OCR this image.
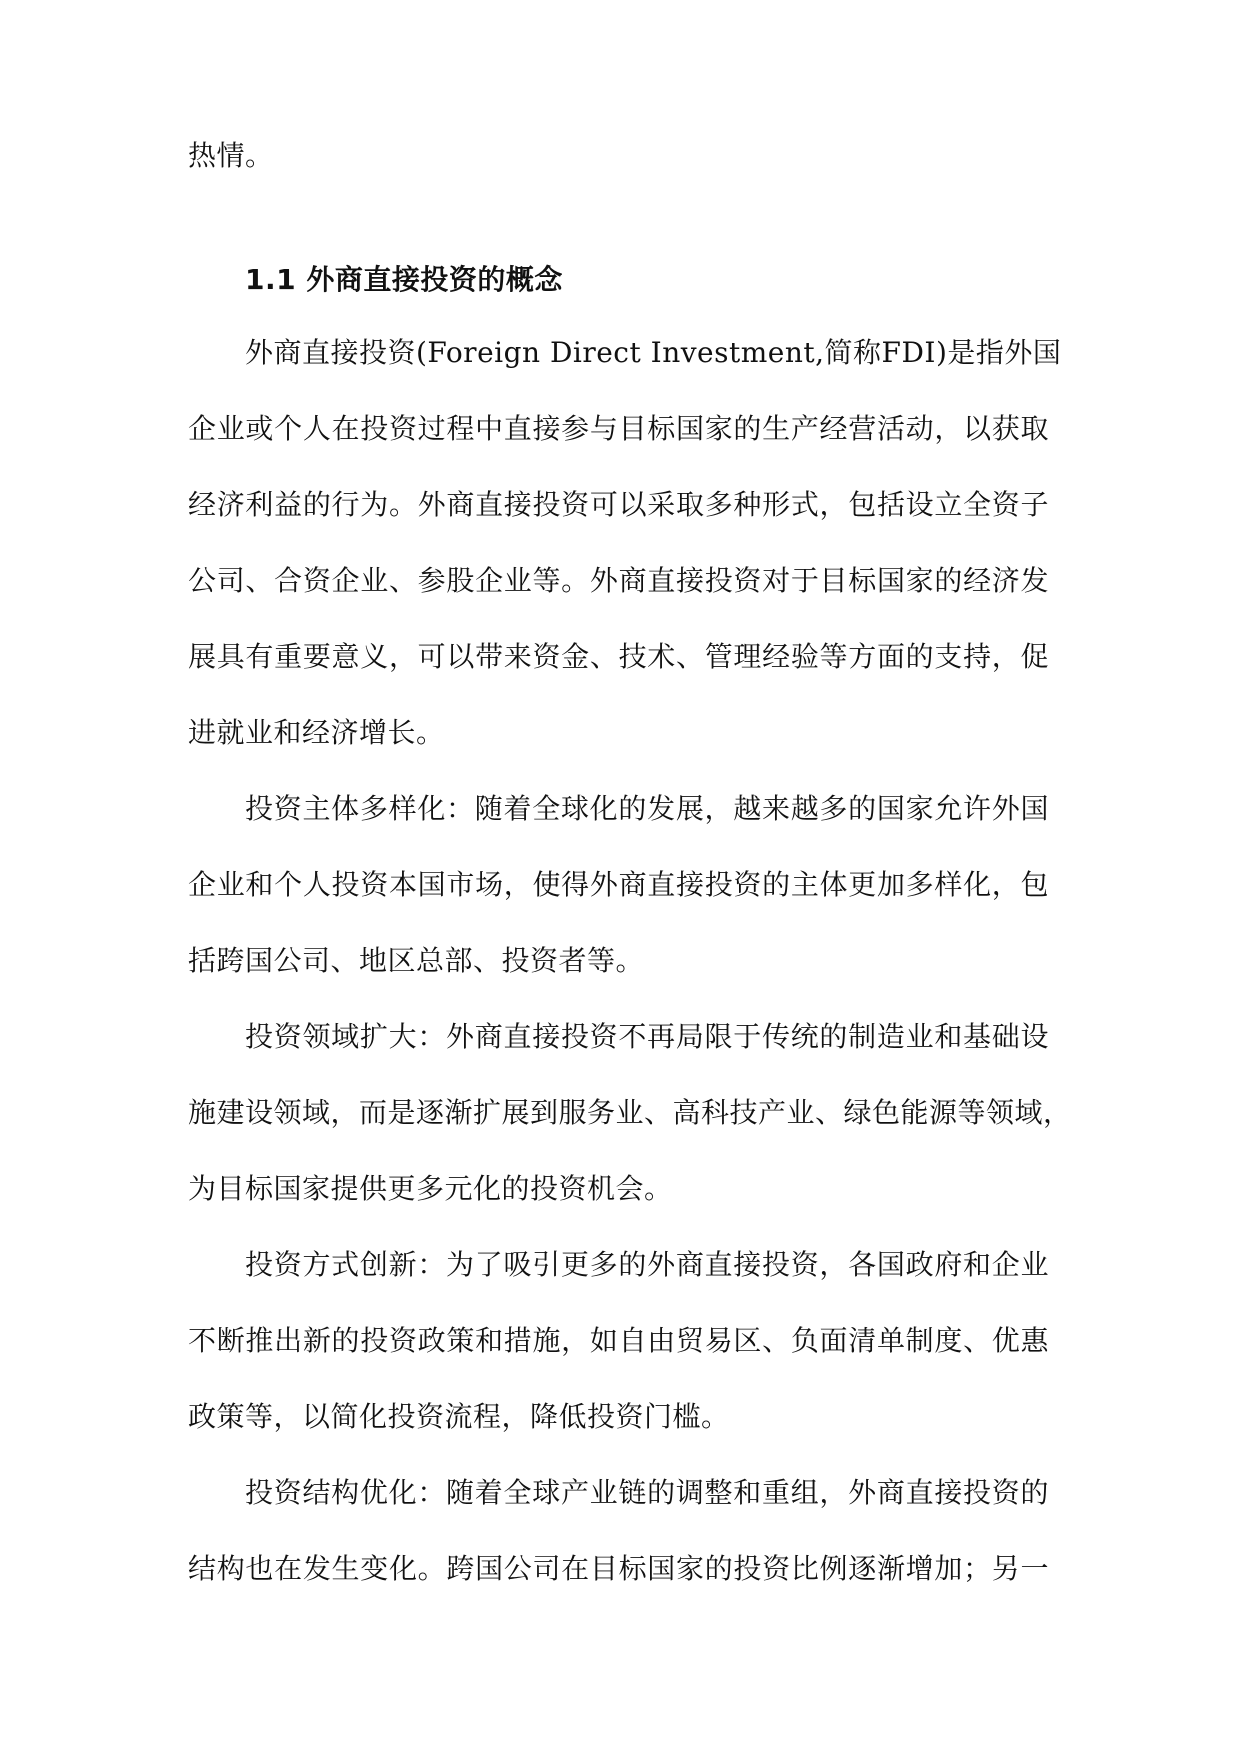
热情。
1.1 外商直接投资的概念
外商直接投资(Foreign Direct Investment,简称FDI)是指外国
企业或个人在投资过程中直接参与目标国家的生产经营活动，以获取
经济利益的行为。外商直接投资可以采取多种形式，包括设立全资子
公司、合资企业、参股企业等。外商直接投资对于目标国家的经济发
展具有重要意义，可以带来资金、技术、管理经验等方面的支持，促
进就业和经济增长。
投资主体多样化：随着全球化的发展，越来越多的国家允许外国
企业和个人投资本国市场，使得外商直接投资的主体更加多样化，包
括跨国公司、地区总部、投资者等。
投资领域扩大：外商直接投资不再局限于传统的制造业和基础设
施建设领域，而是逐渐扩展到服务业、高科技产业、绿色能源等领域，
为目标国家提供更多元化的投资机会。
投资方式创新：为了吸引更多的外商直接投资，各国政府和企业
不断推出新的投资政策和措施，如自由贸易区、负面清单制度、优惠
政策等，以简化投资流程，降低投资门槛。
投资结构优化：随着全球产业链的调整和重组，外商直接投资的
结构也在发生变化。跨国公司在目标国家的投资比例逐渐增加；另一
